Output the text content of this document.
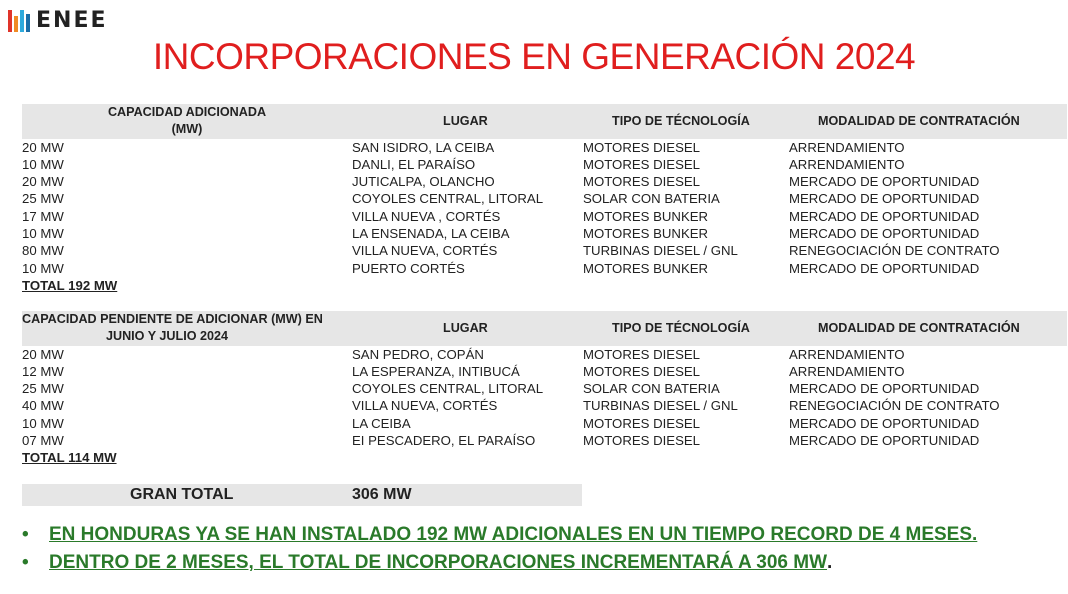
ENEE
INCORPORACIONES EN GENERACIÓN 2024
CAPACIDAD ADICIONADA
(MW)	LUGAR	TIPO DE TÉCNOLOGÍA	MODALIDAD DE CONTRATACIÓN
20 MW	SAN ISIDRO, LA CEIBA	MOTORES DIESEL	ARRENDAMIENTO
10 MW	DANLI, EL PARAÍSO	MOTORES DIESEL	ARRENDAMIENTO
20 MW	JUTICALPA, OLANCHO	MOTORES DIESEL	MERCADO DE OPORTUNIDAD
25 MW	COYOLES CENTRAL, LITORAL	SOLAR CON BATERIA	MERCADO DE OPORTUNIDAD
17 MW	VILLA NUEVA , CORTÉS	MOTORES BUNKER	MERCADO DE OPORTUNIDAD
10 MW	LA ENSENADA, LA CEIBA	MOTORES BUNKER	MERCADO DE OPORTUNIDAD
80 MW	VILLA NUEVA, CORTÉS	TURBINAS DIESEL / GNL	RENEGOCIACIÓN DE CONTRATO
10 MW	PUERTO CORTÉS	MOTORES BUNKER	MERCADO DE OPORTUNIDAD
TOTAL 192 MW			
CAPACIDAD PENDIENTE DE ADICIONAR (MW) EN
JUNIO Y JULIO 2024	LUGAR	TIPO DE TÉCNOLOGÍA	MODALIDAD DE CONTRATACIÓN
20 MW	SAN PEDRO, COPÁN	MOTORES DIESEL	ARRENDAMIENTO
12 MW	LA ESPERANZA, INTIBUCÁ	MOTORES DIESEL	ARRENDAMIENTO
25 MW	COYOLES CENTRAL, LITORAL	SOLAR CON BATERIA	MERCADO DE OPORTUNIDAD
40 MW	VILLA NUEVA, CORTÉS	TURBINAS DIESEL / GNL	RENEGOCIACIÓN DE CONTRATO
10 MW	LA CEIBA	MOTORES DIESEL	MERCADO DE OPORTUNIDAD
07 MW	EI PESCADERO, EL PARAÍSO	MOTORES DIESEL	MERCADO DE OPORTUNIDAD
TOTAL 114 MW			
GRAN TOTAL	306 MW
•	EN HONDURAS YA SE HAN INSTALADO 192 MW ADICIONALES EN UN TIEMPO RECORD DE 4 MESES.
•	DENTRO DE 2 MESES, EL TOTAL DE INCORPORACIONES INCREMENTARÁ A 306 MW .
